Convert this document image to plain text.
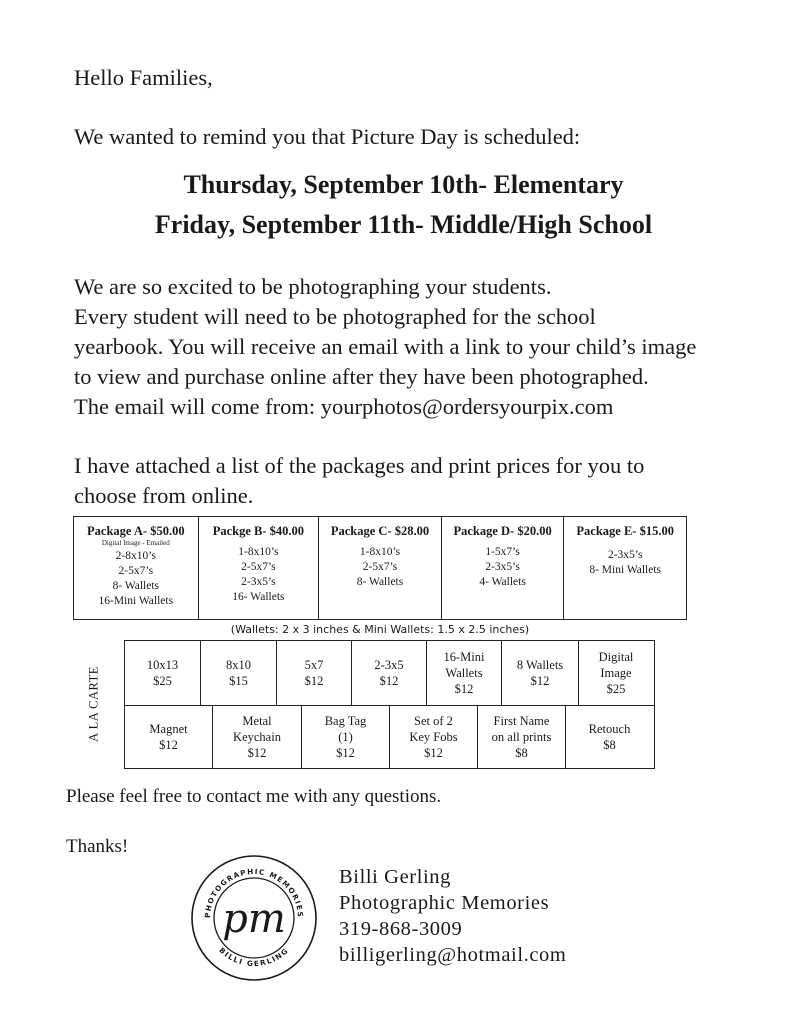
Hello Families,
We wanted to remind you that Picture Day is scheduled:
Thursday, September 10th- Elementary
Friday, September 11th- Middle/High School
We are so excited to be photographing your students.
Every student will need to be photographed for the school
yearbook. You will receive an email with a link to your child’s image
to view and purchase online after they have been photographed.
The email will come from: yourphotos@ordersyourpix.com
I have attached a list of the packages and print prices for you to
choose from online.
Package A- $50.00
Digital Image - Emailed
2-8x10’s
2-5x7’s
8- Wallets
16-Mini Wallets
Packge B- $40.00
1-8x10’s
2-5x7’s
2-3x5’s
16- Wallets
Package C- $28.00
1-8x10’s
2-5x7’s
8- Wallets
Package D- $20.00
1-5x7’s
2-3x5’s
4- Wallets
Package E- $15.00
2-3x5’s
8- Mini Wallets
(Wallets: 2 x 3 inches & Mini Wallets: 1.5 x 2.5 inches)
A LA CARTE
10x13
$25
8x10
$15
5x7
$12
2-3x5
$12
16-Mini
Wallets
$12
8 Wallets
$12
Digital
Image
$25
Magnet
$12
Metal
Keychain
$12
Bag Tag
(1)
$12
Set of 2
Key Fobs
$12
First Name
on all prints
$8
Retouch
$8
Please feel free to contact me with any questions.
Thanks!
PHOTOGRAPHIC MEMORIES
BILLI GERLING
pm
Billi Gerling
Photographic Memories
319-868-3009
billigerling@hotmail.com
